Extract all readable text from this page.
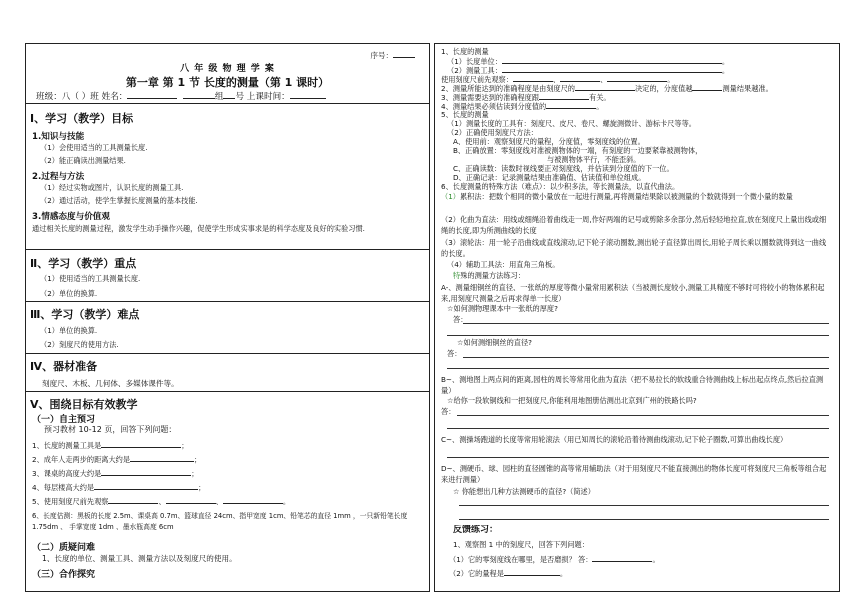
序号：
八 年 级 物 理 学 案
第一章 第 1 节 长度的测量（第 1 课时）
班级：八（ ）班 姓名：	组 号 上课时间：
Ⅰ、学习（教学）目标
1.知识与技能
（1）会使用适当的工具测量长度.
（2）能正确读出测量结果.
2.过程与方法
（1）经过实物或图片，认识长度的测量工具.
（2）通过活动，使学生掌握长度测量的基本技能.
3.情感态度与价值观
通过相关长度的测量过程，激发学生动手操作兴趣，促使学生形成实事求是的科学态度及良好的实验习惯.
Ⅱ、学习（教学）重点
（1）使用适当的工具测量长度.
（2）单位的换算.
Ⅲ、学习（教学）难点
（1）单位的换算.
（2）刻度尺的使用方法.
Ⅳ、器材准备
刻度尺、木板、几何体、多媒体课件等。
Ⅴ、围绕目标有效教学
（一）自主预习
预习教材 10-12 页，回答下列问题：
1、长度的测量工具是	；
2、成年人走两步的距离大约是	；
3、课桌的高度大约是	；
4、每层楼高大约是	；
5、使用刻度尺前先观察	、	、	。
6、长度估测：黑板的长度 2.5m、课桌高 0.7m、篮球直径 24cm、指甲宽度 1cm、铅笔芯的直径 1mm ，一只新铅笔长度 1.75dm 、 手掌宽度 1dm 、墨水瓶高度 6cm
（二）质疑问难
1、长度的单位、测量工具、测量方法以及刻度尺的使用。
（三）合作探究
1、长度的测量
（1）长度单位：	。
（2）测量工具：	。
使用刻度尺前先观察：	、	、	。
2、测量所能达到的准确程度是由刻度尺的	决定的，分度值越	测量结果越准。
3、测量需要达到的准确程度跟	有关。
4、测量结果必须估读到分度值的	。
5、长度的测量
（1）测量长度的工具有：刻度尺、皮尺、卷尺、螺旋测微计、游标卡尺等等。
（2）正确使用刻度尺方法：
A、使用前：观察刻度尺的量程，分度值，零刻度线的位置。
B、正确放置：零刻度线对准被测物体的一端，有刻度的一边要紧靠被测物体，
与被测物体平行，不能歪斜。
C、正确读数：读数时视线要正对刻度线，并估读到分度值的下一位。
D、正确记录：记录测量结果由准确值、估读值和单位组成。
6、长度测量的特殊方法（难点）：以少积多法，等长测量法，以直代曲法。
（1）累积法：把数个相同的微小量放在一起进行测量,再将测量结果除以被测量的个数就得到一个微小量的数量
（2）化曲为直法：用线或细绳沿着曲线走一周,作好两端的记号或剪除多余部分,然后轻轻地拉直,放在刻度尺上量出线或细绳的长度,即为所测曲线的长度
（3）滚轮法：用一轮子沿曲线或直线滚动,记下轮子滚动圈数,测出轮子直径算出周长,用轮子周长乘以圈数就得到这一曲线的长度。
（4）辅助工具法：用直角三角板。
特殊的测量方法练习：
A-、测量细铜丝的直径、一张纸的厚度等微小量常用累积法（当被测长度较小,测量工具精度不够时可将较小的物体累积起来,用刻度尺测量之后再求得单一长度）
☆如何测物理课本中一张纸的厚度?
答：
☆如何测细铜丝的直径?
答：
B~、测地图上两点间的距离,园柱的周长等常用化曲为直法（把不易拉长的软线重合待测曲线上标出起点终点,然后拉直测量）
☆给你一段软铜线和一把刻度尺,你能利用地图册估测出北京到广州的铁路长吗?
答：
C~、测操场跑道的长度等常用轮滚法（用已知周长的滚轮沿着待测曲线滚动,记下轮子圈数,可算出曲线长度）
D~、测硬币、球、园柱的直径圆锥的高等常用辅助法（对于用刻度尺不能直接测出的物体长度可将刻度尺三角板等组合起来进行测量）
☆ 你能想出几种方法测硬币的直径?（简述）
反馈练习：
1、观察图 1 中的刻度尺，回答下列问题：
（1）它的零刻度线在哪里，是否磨损？ 答：	。
（2）它的量程是	。
